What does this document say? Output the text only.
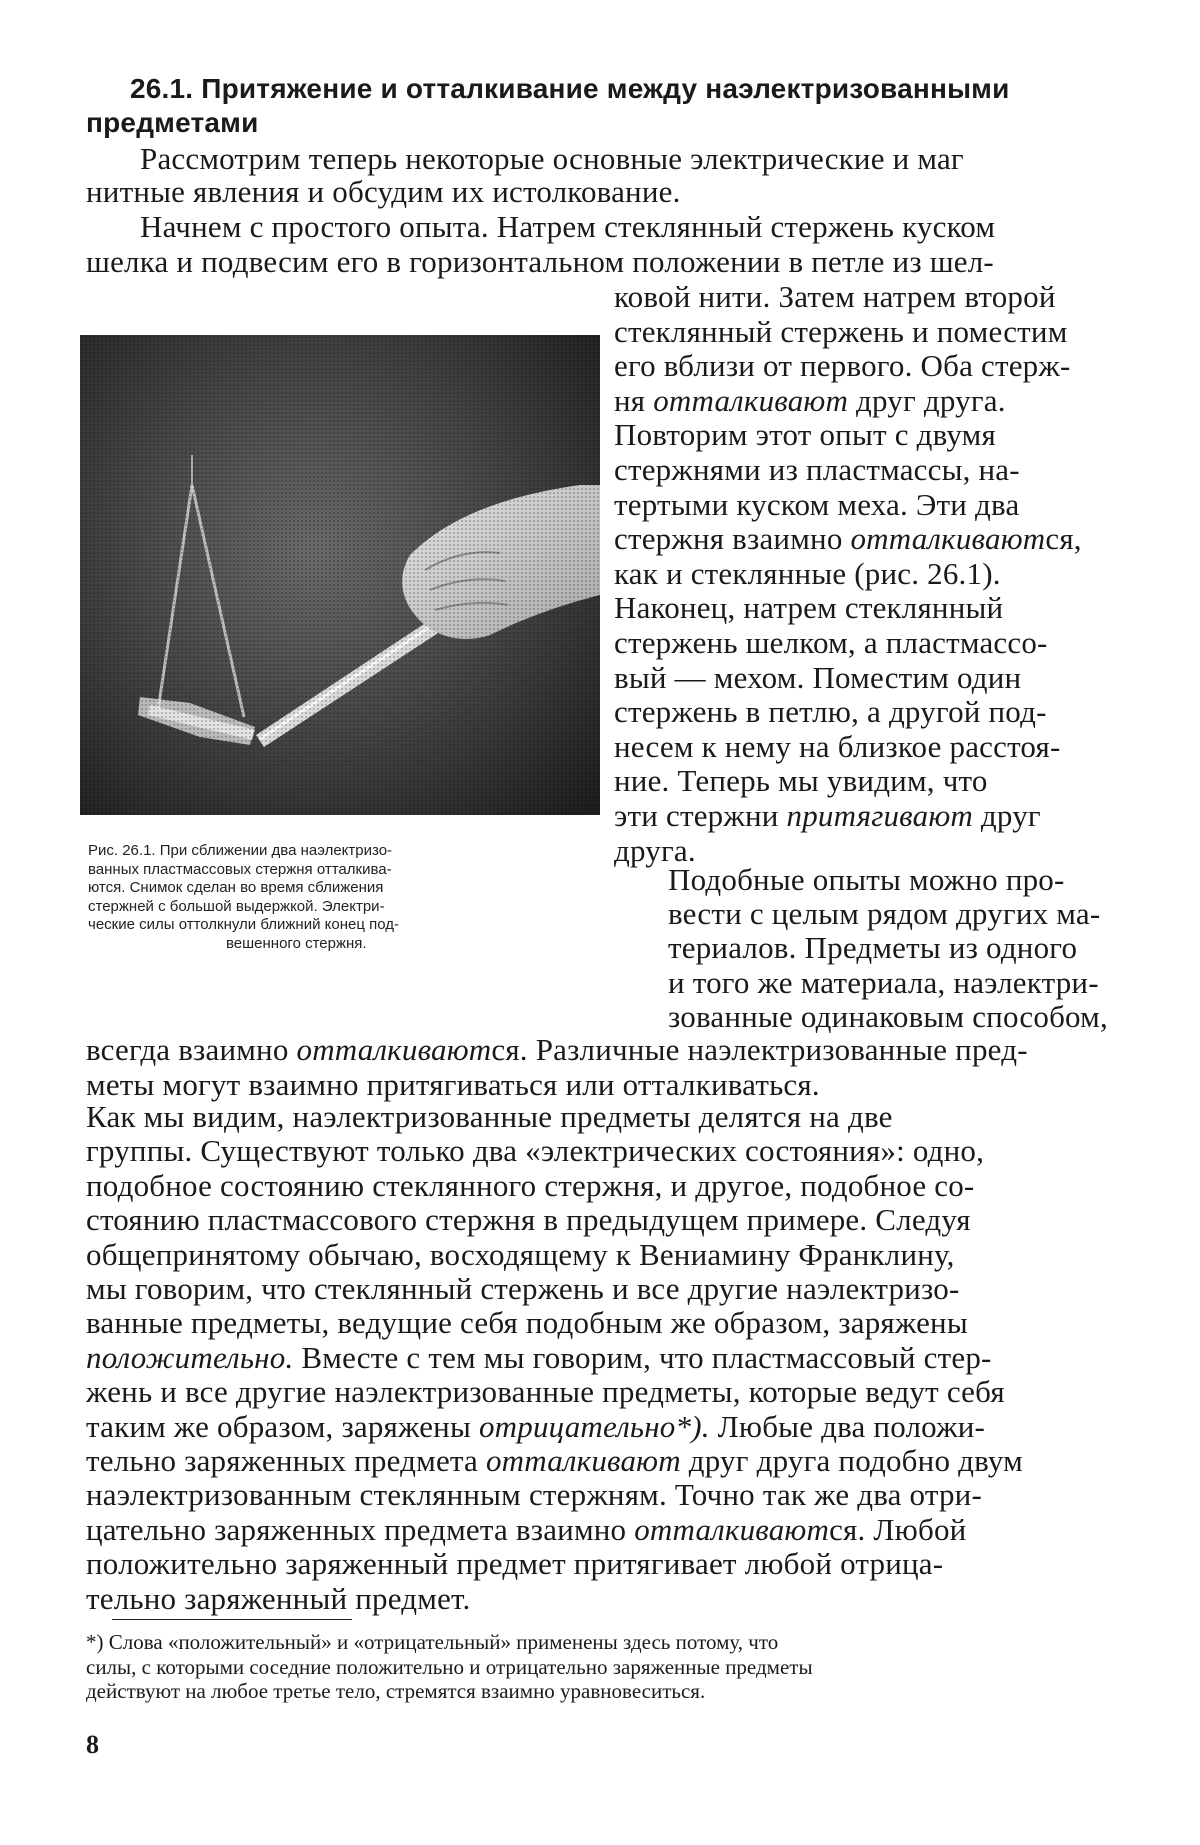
26.1. Притяжение и отталкивание между наэлектризованными
предметами
Рассмотрим теперь некоторые основные электрические и маг
нитные явления и обсудим их истолкование.
Начнем с простого опыта. Натрем стеклянный стержень куском
шелка и подвесим его в горизонтальном положении в петле из шел-
ковой нити. Затем натрем второй
стеклянный стержень и поместим
его вблизи от первого. Оба стерж-
ня отталкивают друг друга.
Повторим этот опыт с двумя
стержнями из пластмассы, на-
тертыми куском меха. Эти два
стержня взаимно отталкиваются,
как и стеклянные (рис. 26.1).
Наконец, натрем стеклянный
стержень шелком, а пластмассо-
вый — мехом. Поместим один
стержень в петлю, а другой под-
несем к нему на близкое расстоя-
ние. Теперь мы увидим, что
эти стержни притягивают друг
друга.
Подобные опыты можно про-
вести с целым рядом других ма-
териалов. Предметы из одного
и того же материала, наэлектри-
зованные одинаковым способом,
всегда взаимно отталкиваются. Различные наэлектризованные пред-
меты могут взаимно притягиваться или отталкиваться.
Как мы видим, наэлектризованные предметы делятся на две
группы. Существуют только два «электрических состояния»: одно,
подобное состоянию стеклянного стержня, и другое, подобное со-
стоянию пластмассового стержня в предыдущем примере. Следуя
общепринятому обычаю, восходящему к Вениамину Франклину,
мы говорим, что стеклянный стержень и все другие наэлектризо-
ванные предметы, ведущие себя подобным же образом, заряжены
положительно. Вместе с тем мы говорим, что пластмассовый стер-
жень и все другие наэлектризованные предметы, которые ведут себя
таким же образом, заряжены отрицательно*). Любые два положи-
тельно заряженных предмета отталкивают друг друга подобно двум
наэлектризованным стеклянным стержням. Точно так же два отри-
цательно заряженных предмета взаимно отталкиваются. Любой
положительно заряженный предмет притягивает любой отрица-
тельно заряженный предмет.
Рис. 26.1. При сближении два наэлектризо-
ванных пластмассовых стержня отталкива-
ются. Снимок сделан во время сближения
стержней с большой выдержкой. Электри-
ческие силы оттолкнули ближний конец под-
вешенного стержня.
*) Слова «положительный» и «отрицательный» применены здесь потому, что
силы, с которыми соседние положительно и отрицательно заряженные предметы
действуют на любое третье тело, стремятся взаимно уравновеситься.
8
